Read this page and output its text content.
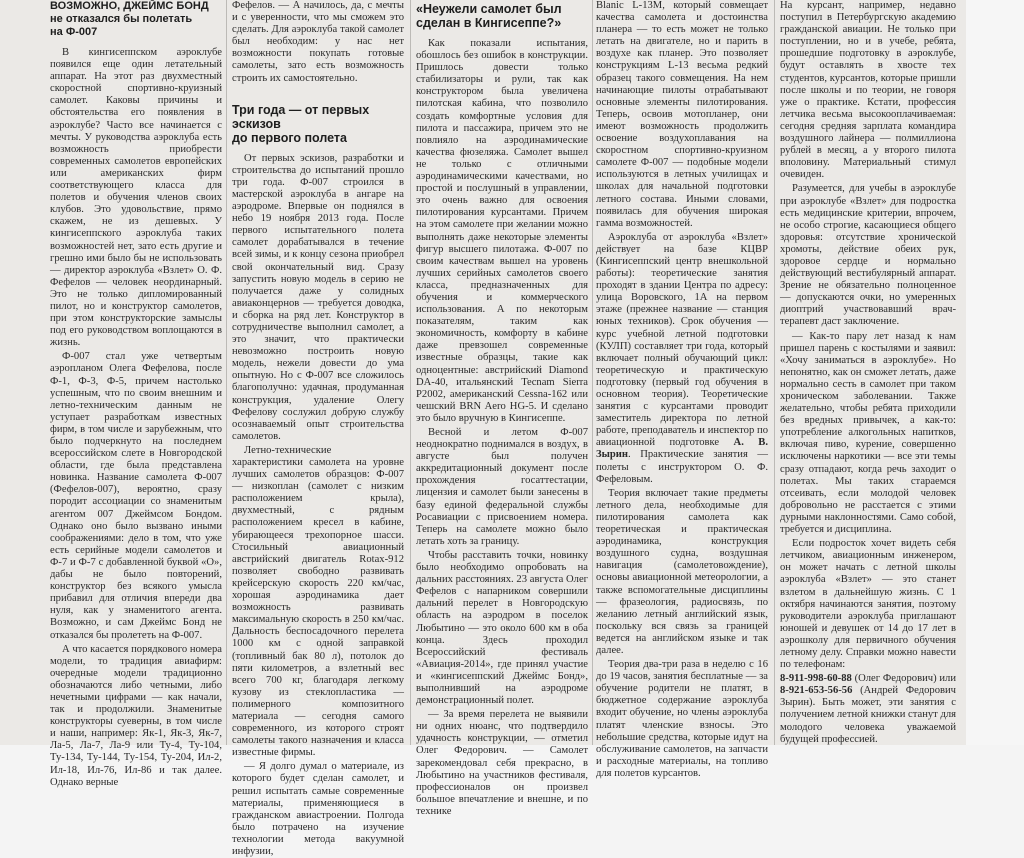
ВОЗМОЖНО, ДЖЕЙМС БОНД
не отказался бы полетать
на Ф-007

В кингисеппском аэроклубе появился еще один летательный аппарат. На этот раз двухместный скоростной спортивно-круизный самолет. Каковы причины и обстоятельства его появления в аэроклубе? Часто все начинается с мечты. У руководства аэроклуба есть возможность приобрести современных самолетов европейских или американских фирм соответствующего класса для полетов и обучения членов своих клубов. Это удовольствие, прямо скажем, не из дешевых. У кингисеппского аэроклуба таких возможностей нет, зато есть другие и грешно ими было бы не использовать — директор аэроклуба «Взлет» О. Ф. Фефелов — человек неординарный. Это не только дипломированный пилот, но и конструктор самолетов, при этом конструкторские замыслы под его руководством воплощаются в жизнь.

Ф-007 стал уже четвертым аэропланом Олега Фефелова, после Ф-1, Ф-3, Ф-5, причем настолько успешным, что по своим внешним и летно-техническим данным не уступает разработкам известных фирм, в том числе и зарубежным, что было подчеркнуто на последнем всероссийском слете в Новгородской области, где была представлена новинка. Название самолета Ф-007 (Фефелов-007), вероятно, сразу породит ассоциации со знаменитым агентом 007 Джеймсом Бондом. Однако оно было вызвано иными соображениями: дело в том, что уже есть серийные модели самолетов и Ф-7 и Ф-7 с добавленной буквой «О», дабы не было повторений, конструктор без всякого умысла прибавил для отличия впереди два нуля, как у знаменитого агента. Возможно, и сам Джеймс Бонд не отказался бы пролететь на Ф-007.

А что касается порядкового номера модели, то традиция авиафирм: очередные модели традиционно обозначаются либо четными, либо нечетными цифрами — как начали, так и продолжили. Знаменитые конструкторы суеверны, в том числе и наши, например: Як-1, Як-3, Як-7, Ла-5, Ла-7, Ла-9 или Ту-4, Ту-104, Ту-134, Ту-144, Ту-154, Ту-204, Ил-2, Ил-18, Ил-76, Ил-86 и так далее. Однако верные

Фефелов. — А начилось, да, с мечты и с уверенности, что мы сможем это сделать. Для аэроклуба такой самолет был необходим: у нас нет возможности покупать готовые самолеты, зато есть возможность строить их самостоятельно.

Три года — от первых эскизов
до первого полета

От первых эскизов, разработки и строительства до испытаний прошло три года. Ф-007 строился в мастерской аэроклуба в ангаре на аэродроме. Впервые он поднялся в небо 19 ноября 2013 года. После первого испытательного полета самолет дорабатывался в течение всей зимы, и к концу сезона приобрел свой окончательный вид. Сразу запустить новую модель в серию не получается даже у солидных авиаконцернов — требуется доводка, и сборка на ряд лет. Конструктор в сотрудничестве выполнил самолет, а это значит, что практически невозможно построить новую модель, нежели довести до ума опытную. Но с Ф-007 все сложилось благополучно: удачная, продуманная конструкция, удаление Олегу Фефелову сослужил добрую службу осознаваемый опыт строительства самолетов.

Летно-технические характеристики самолета на уровне лучших самолетов образцов: Ф-007 — низкоплан (самолет с низким расположением крыла), двухместный, с рядным расположением кресел в кабине, убирающееся трехопорное шасси. Стосильный авиационный австрийский двигатель Rotax-912 позволяет свободно развивать крейсерскую скорость 220 км/час, хорошая аэродинамика дает возможность развивать максимальную скорость в 250 км/час. Дальность беспосадочного перелета 1000 км с одной заправкой (топливный бак 80 л), потолок до пяти километров, а взлетный вес всего 700 кг, благодаря легкому кузову из стеклопластика — полимерного композитного материала — сегодня самого современного, из которого строят самолеты такого назначения и класса известные фирмы.

— Я долго думал о материале, из которого будет сделан самолет, и решил испытать самые современные материалы, применяющиеся в гражданском авиастроении. Полгода было потрачено на изучение технологии метода вакуумной инфузии,

«Неужели самолет был
сделан в Кингисеппе?»

Как показали испытания, обошлось без ошибок в конструкции. Пришлось довести только стабилизаторы и рули, так как конструктором была увеличена пилотская кабина, что позволило создать комфортные условия для пилота и пассажира, причем это не повлияло на аэродинамические качества фюзеляжа. Самолет вышел не только с отличными аэродинамическими качествами, но простой и послушный в управлении, это очень важно для освоения пилотирования курсантами. Причем на этом самолете при желании можно выполнять даже некоторые элементы фигур высшего пилотажа. Ф-007 по своим качествам вышел на уровень лучших серийных самолетов своего класса, предназначенных для обучения и коммерческого использования. А по некоторым показателям, таким как экономичность, комфорту в кабине даже превзошел современные известные образцы, такие как одноцентные: австрийский Diamond DA-40, итальянский Tecnam Sierra P2002, американский Cessna-162 или чешский BRN Aero HG-5. И сделано это было вручную в Кингисеппе.

Весной и летом Ф-007 неоднократно поднимался в воздух, в августе был получен аккредитационный документ после прохождения госаттестации, лицензия и самолет были занесены в базу единой федеральной службы Росавиации с присвоением номера. Теперь на самолете можно было летать хоть за границу.

Чтобы расставить точки, новинку было необходимо опробовать на дальних расстояниях. 23 августа Олег Фефелов с напарником совершили дальний перелет в Новгородскую область на аэродром в поселок Любытино — это около 600 км в оба конца. Здесь проходил Всероссийский фестиваль «Авиация-2014», где принял участие и «кингисеппский Джеймс Бонд», выполнивший на аэродроме демонстрационный полет.

— За время перелета не выявили ни одних нюанс, что подтвердило удачность конструкции, — отметил Олег Федорович. — Самолет зарекомендовал себя прекрасно, в Любытино на участников фестиваля, профессионалов он произвел большое впечатление и внешне, и по технике

Blanic L-13M, который совмещает качества самолета и достоинства планера — то есть может не только летать на двигателе, но и парить в воздухе как планер. Это позволяет конструкциям L-13 весьма редкий образец такого совмещения. На нем начинающие пилоты отрабатывают основные элементы пилотирования. Теперь, освоив мотопланер, они имеют возможность продолжить освоение воздухоплавания на скоростном спортивно-круизном самолете Ф-007 — подобные модели используются в летных училищах и школах для начальной подготовки летного состава. Иными словами, появилась для обучения широкая гамма возможностей.

Аэроклуба от аэроклуба «Взлет» действует на базе КЦВР (Кингисеппский центр внешкольной работы): теоретические занятия проходят в здании Центра по адресу: улица Воровского, 1А на первом этаже (прежнее название — станция юных техников). Срок обучения — курс учебной летной подготовки (КУЛП) составляет три года, который включает полный обучающий цикл: теоретическую и практическую подготовку (первый год обучения в основном теория). Теоретические занятия с курсантами проводит заместитель директора по летной работе, преподаватель и инспектор по авиационной подготовке А. В. Зырин. Практические занятия — полеты с инструктором О. Ф. Фефеловым.

Теория включает такие предметы летного дела, необходимые для пилотирования самолета как теоретическая и практическая аэродинамика, конструкция воздушного судна, воздушная навигация (самолетовождение), основы авиационной метеорологии, а также вспомогательные дисциплины — фразеология, радиосвязь, по желанию летный английский язык, поскольку вся связь за границей ведется на английском языке и так далее.

Теория два-три раза в неделю с 16 до 19 часов, занятия бесплатные — за обучение родители не платят, в бюджетное содержание аэроклуба входит обучение, но члены аэроклуба платят членские взносы. Это небольшие средства, которые идут на обслуживание самолетов, на запчасти и расходные материалы, на топливо для полетов курсантов.

На курсант, например, недавно поступил в Петербургскую академию гражданской авиации. Не только при поступлении, но и в учебе, ребята, прошедшие подготовку в аэроклубе, будут оставлять в хвосте тех студентов, курсантов, которые пришли после школы и по теории, не говоря уже о практике. Кстати, профессия летчика весьма высокооплачиваемая: сегодня средняя зарплата командира воздушного лайнера — полмиллиона рублей в месяц, а у второго пилота вполовину. Материальный стимул очевиден.

Разумеется, для учебы в аэроклубе при аэроклубе «Взлет» для подростка есть медицинские критерии, впрочем, не особо строгие, касающиеся общего здоровья: отсутствие хронической хромоты, действие обеих рук, здоровое сердце и нормально действующий вестибулярный аппарат. Зрение не обязательно полноценное — допускаются очки, но умеренных диоптрий участвовавший врач-терапевт даст заключение.

— Как-то пару лет назад к нам пришел парень с костылями и заявил: «Хочу заниматься в аэроклубе». Но непонятно, как он сможет летать, даже нормально сесть в самолет при таком хроническом заболевании. Также желательно, чтобы ребята приходили без вредных привычек, а как-то: употребление алкогольных напитков, включая пиво, курение, совершенно исключены наркотики — все эти темы сразу отпадают, когда речь заходит о полетах. Мы таких стараемся отсеивать, если молодой человек добровольно не расстается с этими дурными наклонностями. Само собой, требуется и дисциплина.

Если подросток хочет видеть себя летчиком, авиационным инженером, он может начать с летной школы аэроклуба «Взлет» — это станет взлетом в дальнейшую жизнь. С 1 октября начинаются занятия, поэтому руководители аэроклуба приглашают юношей и девушек от 14 до 17 лет в аэрошколу для первичного обучения летному делу. Справки можно навести по телефонам:

8-911-998-60-88 (Олег Федорович) или 8-921-653-56-56 (Андрей Федорович Зырин). Быть может, эти занятия с получением летной книжки станут для молодого человека уважаемой будущей профессией.
